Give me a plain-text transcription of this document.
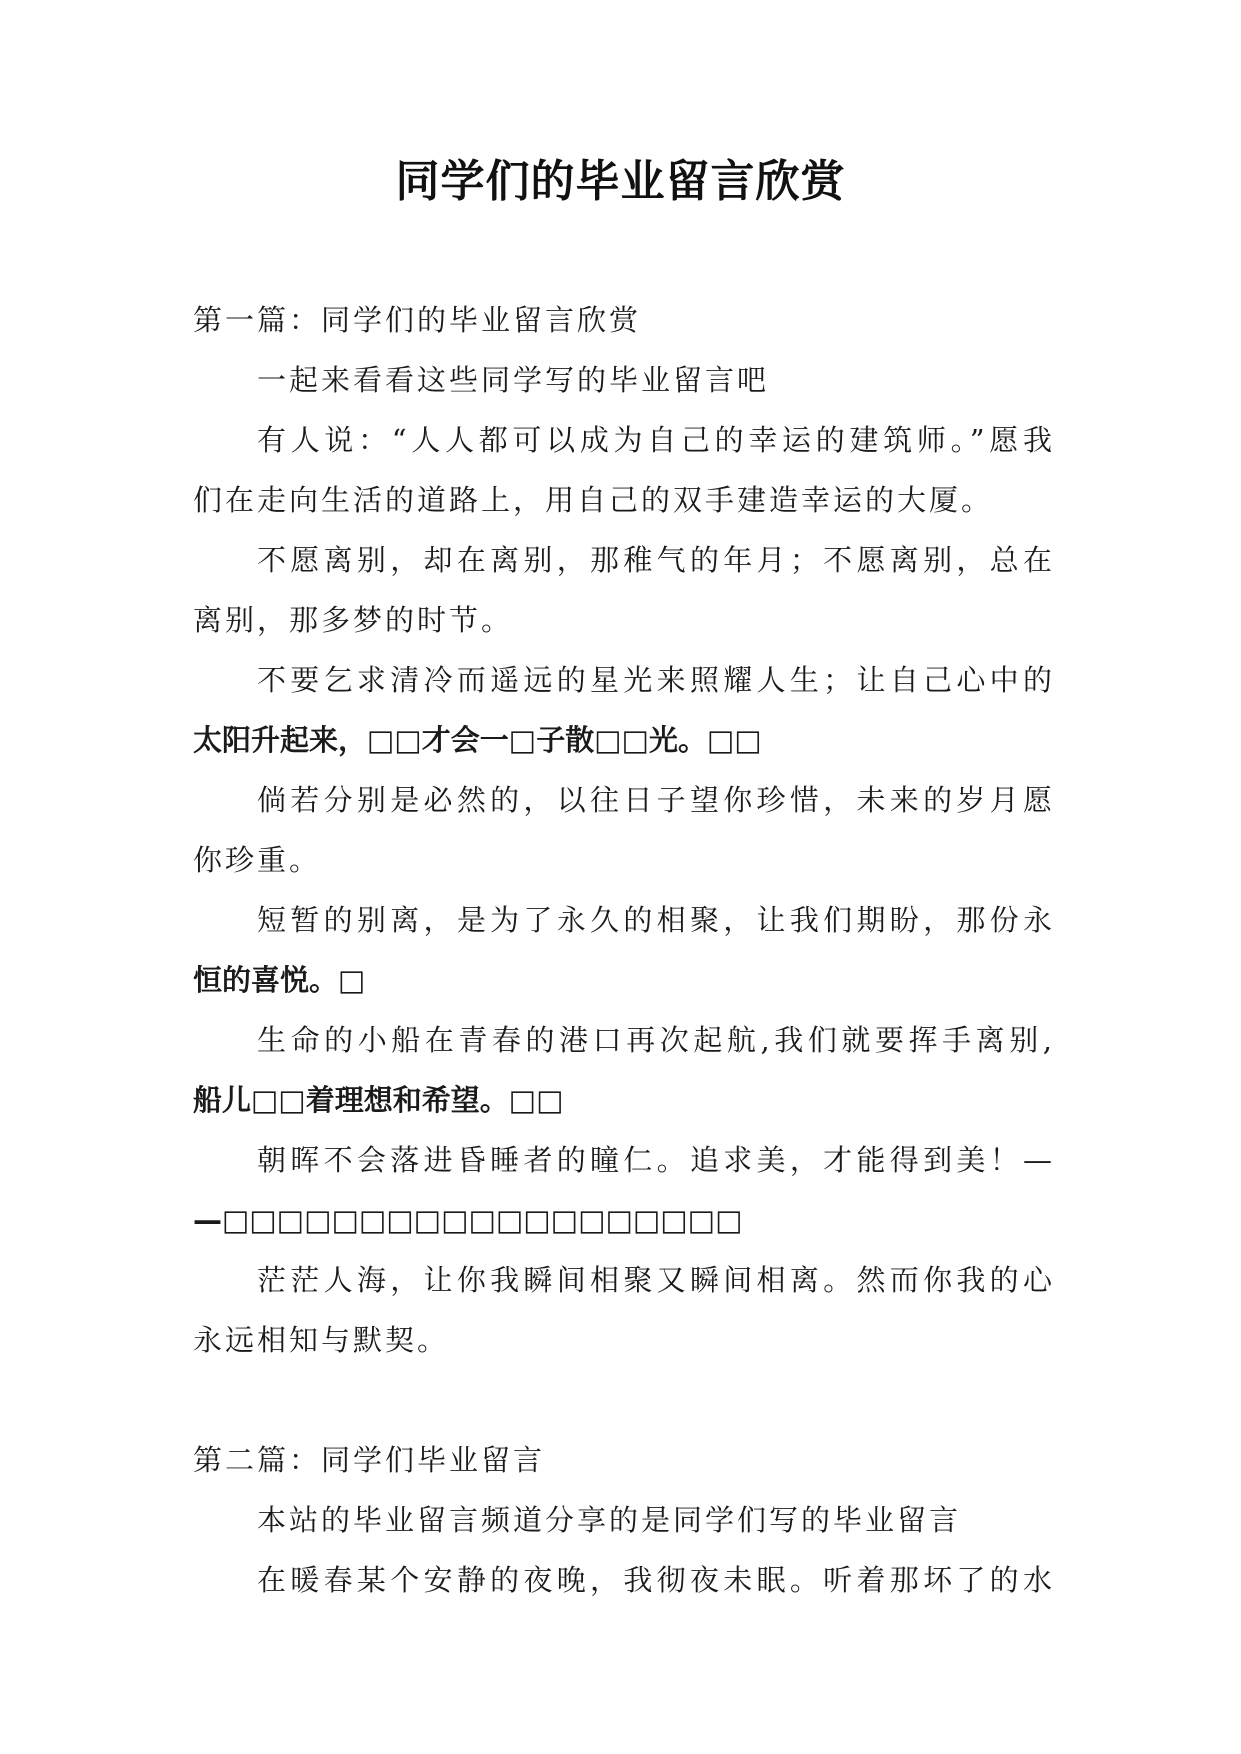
同学们的毕业留言欣赏
第一篇：同学们的毕业留言欣赏
一起来看看这些同学写的毕业留言吧
有人说：“人人都可以成为自己的幸运的建筑师。”愿我
们在走向生活的道路上，用自己的双手建造幸运的大厦。
不愿离别，却在离别，那稚气的年月；不愿离别，总在
离别，那多梦的时节。
不要乞求清冷而遥远的星光来照耀人生；让自己心中的
太阳升起来，□□才会一□子散□□光。□□
倘若分别是必然的，以往日子望你珍惜，未来的岁月愿
你珍重。
短暂的别离，是为了永久的相聚，让我们期盼，那份永
恒的喜悦。□
生命的小船在青春的港口再次起航,我们就要挥手离别,
船儿□□着理想和希望。□□
朝晖不会落进昏睡者的瞳仁。追求美，才能得到美！—
—□□□□□□□□□□□□□□□□□□□
茫茫人海，让你我瞬间相聚又瞬间相离。然而你我的心
永远相知与默契。
第二篇：同学们毕业留言
本站的毕业留言频道分享的是同学们写的毕业留言
在暖春某个安静的夜晚，我彻夜未眠。听着那坏了的水
